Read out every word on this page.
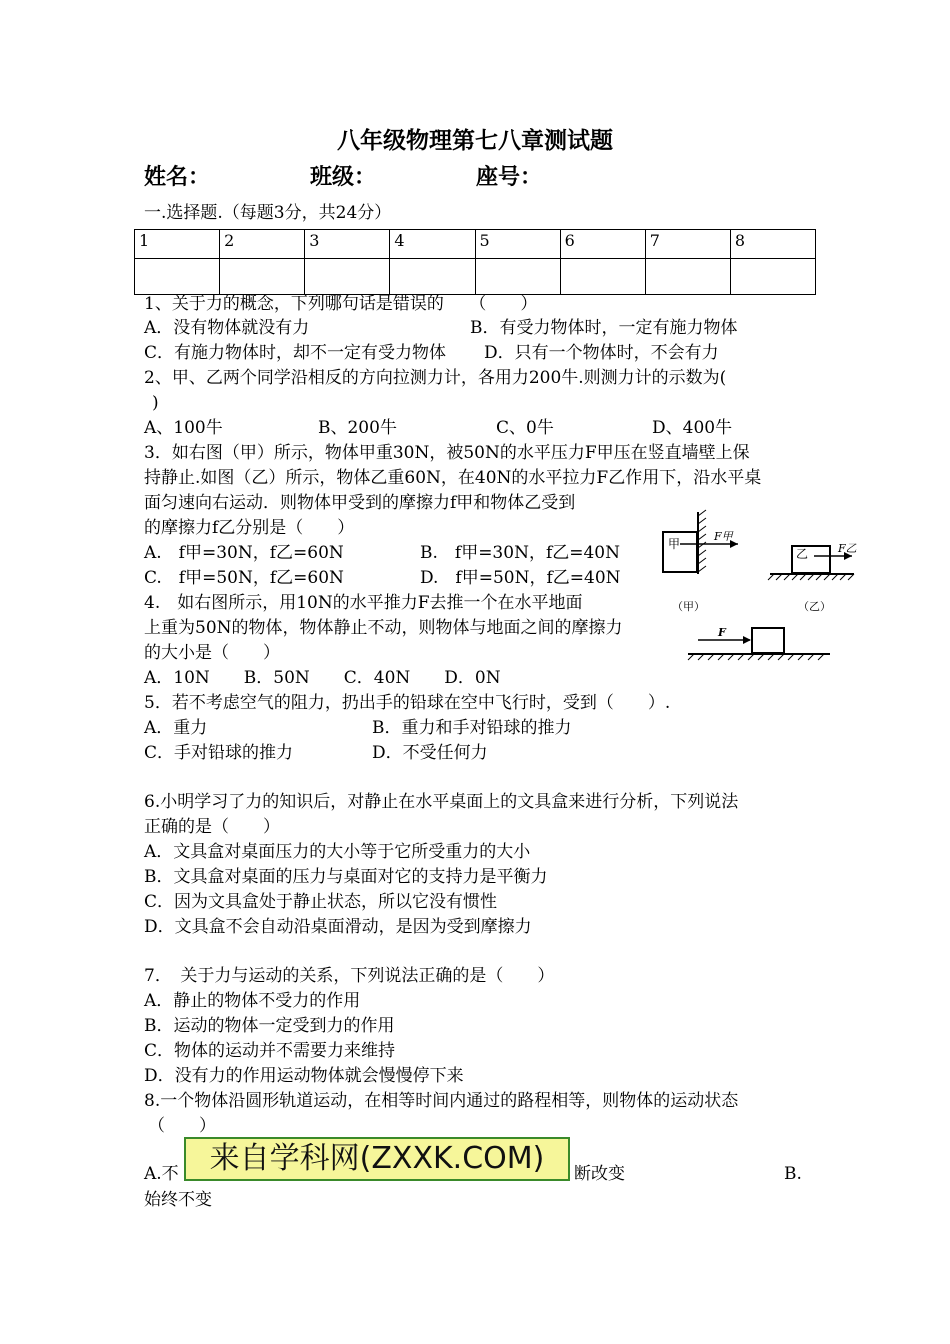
八年级物理第七八章测试题
姓名：	班级：	座号：
一.选择题.（每题3分，共24分）
1	2	3	4	5	6	7	8

1、关于力的概念，下列哪句话是错误的　　（　　）
A．没有物体就没有力	B．有受力物体时，一定有施力物体
C．有施力物体时，却不一定有受力物体 D．只有一个物体时，不会有力
2、甲、乙两个同学沿相反的方向拉测力计，各用力200牛.则测力计的示数为(
)
A、100牛	B、200牛	C、0牛	D、400牛
3．如右图（甲）所示，物体甲重30N，被50N的水平压力F甲压在竖直墙壁上保
持静止.如图（乙）所示，物体乙重60N，在40N的水平拉力F乙作用下，沿水平桌
面匀速向右运动．则物体甲受到的摩擦力f甲和物体乙受到
的摩擦力f乙分别是（　　）
A.　f甲=30N，f乙=60N	B.　f甲=30N，f乙=40N
C.　f甲=50N，f乙=60N	D.　f甲=50N，f乙=40N
甲
F甲
（甲）
乙	F乙
（乙）
4.　如右图所示，用10N的水平推力F去推一个在水平地面
上重为50N的物体，物体静止不动，则物体与地面之间的摩擦力
的大小是（　　）
A．10N　　B．50N　　C．40N　　D．0N
F
5．若不考虑空气的阻力，扔出手的铅球在空中飞行时，受到（　　）.
A．重力	B．重力和手对铅球的推力
C．手对铅球的推力	D．不受任何力
6.小明学习了力的知识后，对静止在水平桌面上的文具盒来进行分析，下列说法
正确的是（　　）
A．文具盒对桌面压力的大小等于它所受重力的大小
B．文具盒对桌面的压力与桌面对它的支持力是平衡力
C．因为文具盒处于静止状态，所以它没有惯性
D．文具盒不会自动沿桌面滑动，是因为受到摩擦力
7．　关于力与运动的关系，下列说法正确的是（　　）
A．静止的物体不受力的作用
B．运动的物体一定受到力的作用
C．物体的运动并不需要力来维持
D．没有力的作用运动物体就会慢慢停下来
8.一个物体沿圆形轨道运动，在相等时间内通过的路程相等，则物体的运动状态
（　　）
A.不	断改变	B.
始终不变
来自学科网(ZXXK.COM)
